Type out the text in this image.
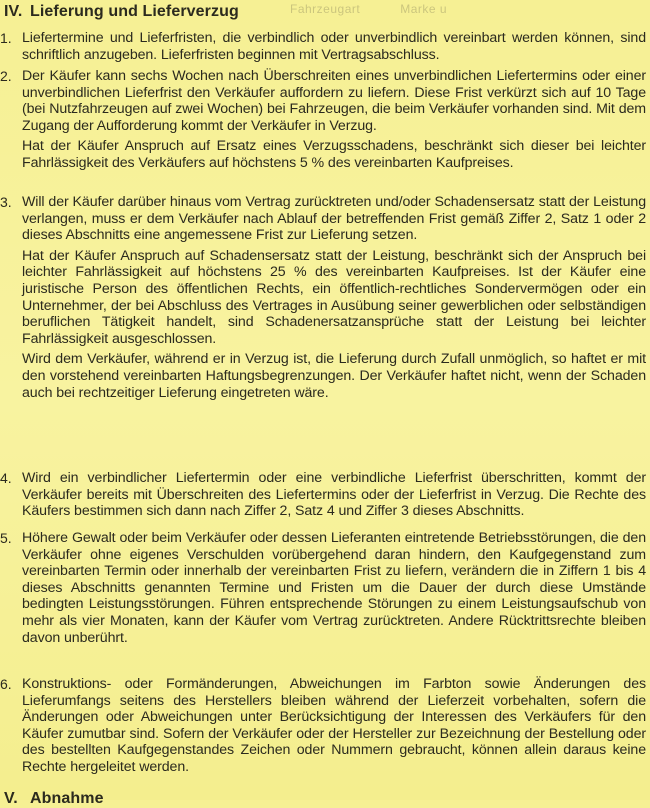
Fahrzeugart	Marke u
IV. Lieferung und Lieferverzug
1. Liefertermine und Lieferfristen, die verbindlich oder unverbindlich vereinbart werden können, sind schriftlich anzugeben. Lieferfristen beginnen mit Vertragsabschluss.

2. Der Käufer kann sechs Wochen nach Überschreiten eines unverbindlichen Liefertermins oder einer unverbindlichen Lieferfrist den Verkäufer auffordern zu liefern. Diese Frist verkürzt sich auf 10 Tage (bei Nutzfahrzeugen auf zwei Wochen) bei Fahrzeugen, die beim Verkäufer vorhanden sind. Mit dem Zugang der Aufforderung kommt der Verkäufer in Verzug.

Hat der Käufer Anspruch auf Ersatz eines Verzugsschadens, beschränkt sich dieser bei leichter Fahrlässigkeit des Verkäufers auf höchstens 5 % des vereinbarten Kaufpreises.

3. Will der Käufer darüber hinaus vom Vertrag zurücktreten und/oder Schadensersatz statt der Leistung verlangen, muss er dem Verkäufer nach Ablauf der betreffenden Frist gemäß Ziffer 2, Satz 1 oder 2 dieses Abschnitts eine angemessene Frist zur Lieferung setzen.

Hat der Käufer Anspruch auf Schadensersatz statt der Leistung, beschränkt sich der Anspruch bei leichter Fahrlässigkeit auf höchstens 25 % des vereinbarten Kaufpreises. Ist der Käufer eine juristische Person des öffentlichen Rechts, ein öffentlich-rechtliches Sondervermögen oder ein Unternehmer, der bei Abschluss des Vertrages in Ausübung seiner gewerblichen oder selbständigen beruflichen Tätigkeit handelt, sind Schadenersatzansprüche statt der Leistung bei leichter Fahrlässigkeit ausgeschlossen.

Wird dem Verkäufer, während er in Verzug ist, die Lieferung durch Zufall unmöglich, so haftet er mit den vorstehend vereinbarten Haftungsbegrenzungen. Der Verkäufer haftet nicht, wenn der Schaden auch bei rechtzeitiger Lieferung eingetreten wäre.

4. Wird ein verbindlicher Liefertermin oder eine verbindliche Lieferfrist überschritten, kommt der Verkäufer bereits mit Überschreiten des Liefertermins oder der Lieferfrist in Verzug. Die Rechte des Käufers bestimmen sich dann nach Ziffer 2, Satz 4 und Ziffer 3 dieses Abschnitts.

5. Höhere Gewalt oder beim Verkäufer oder dessen Lieferanten eintretende Betriebsstörungen, die den Verkäufer ohne eigenes Verschulden vorübergehend daran hindern, den Kaufgegenstand zum vereinbarten Termin oder innerhalb der vereinbarten Frist zu liefern, verändern die in Ziffern 1 bis 4 dieses Abschnitts genannten Termine und Fristen um die Dauer der durch diese Umstände bedingten Leistungsstörungen. Führen entsprechende Störungen zu einem Leistungsaufschub von mehr als vier Monaten, kann der Käufer vom Vertrag zurücktreten. Andere Rücktrittsrechte bleiben davon unberührt.

6. Konstruktions- oder Formänderungen, Abweichungen im Farbton sowie Änderungen des Lieferumfangs seitens des Herstellers bleiben während der Lieferzeit vorbehalten, sofern die Änderungen oder Abweichungen unter Berücksichtigung der Interessen des Verkäufers für den Käufer zumutbar sind. Sofern der Verkäufer oder der Hersteller zur Bezeichnung der Bestellung oder des bestellten Kaufgegenstandes Zeichen oder Nummern gebraucht, können allein daraus keine Rechte hergeleitet werden.

V. Abnahme
